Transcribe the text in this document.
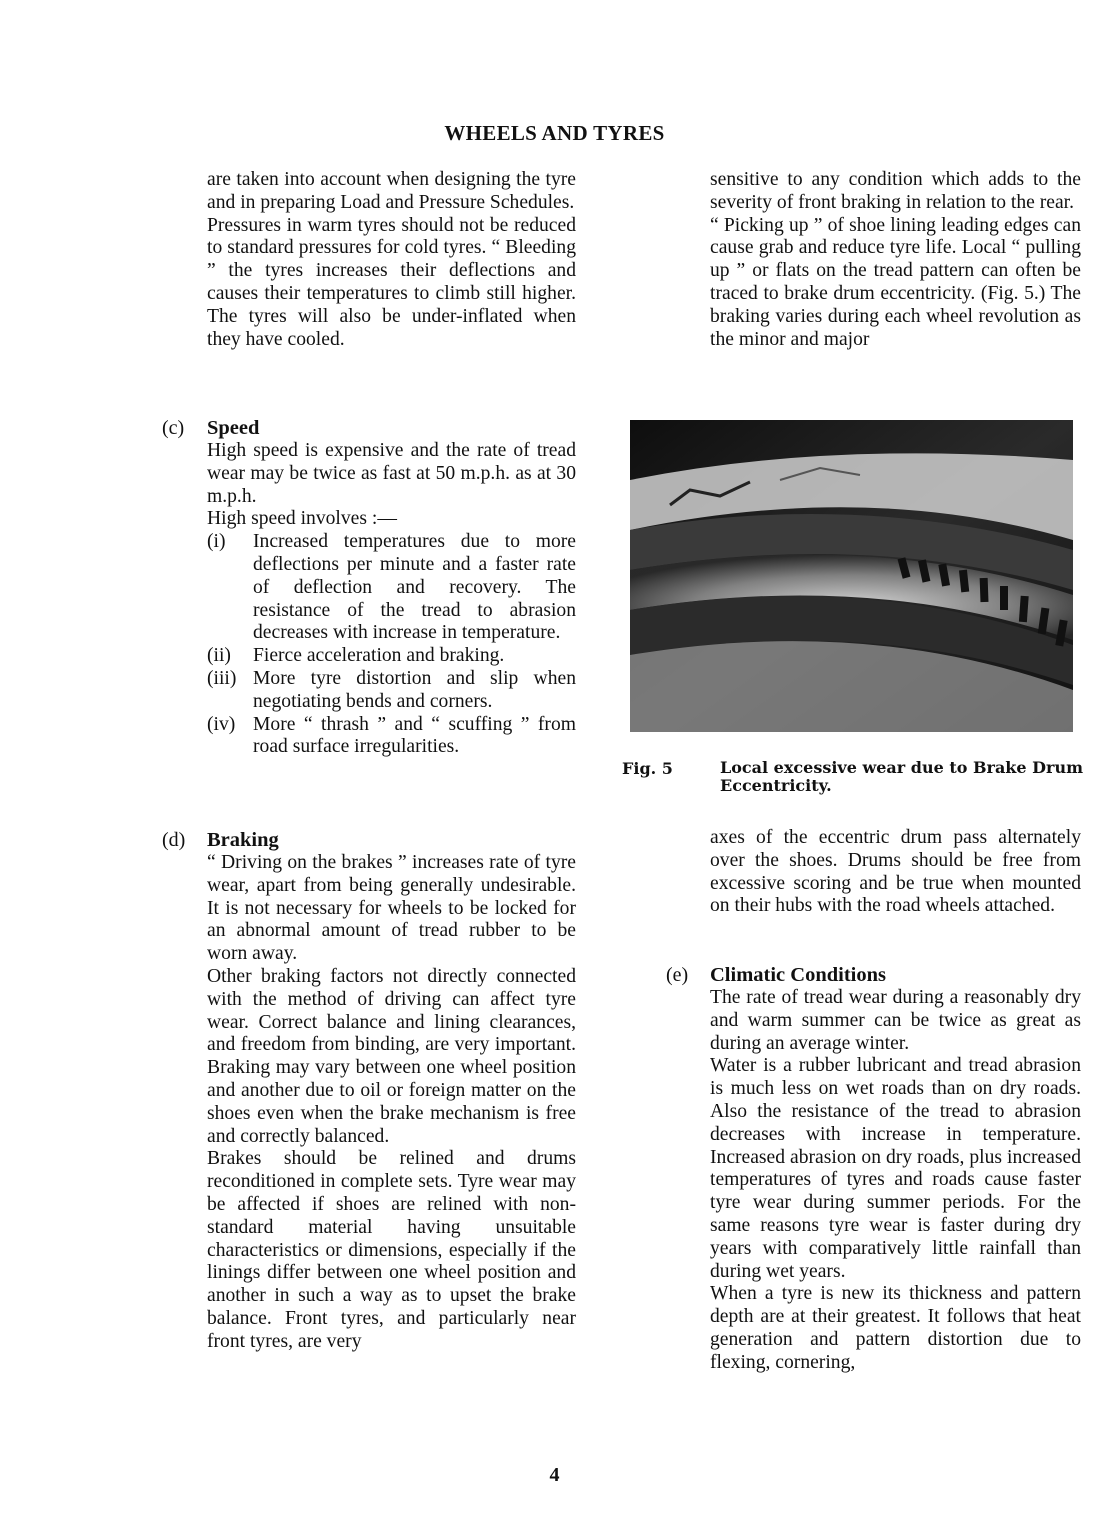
WHEELS AND TYRES

are taken into account when designing the tyre and in preparing Load and Pressure Schedules.

Pressures in warm tyres should not be reduced to standard pressures for cold tyres. “ Bleeding ” the tyres increases their deflections and causes their temperatures to climb still higher. The tyres will also be under-inflated when they have cooled.

(c) Speed

High speed is expensive and the rate of tread wear may be twice as fast at 50 m.p.h. as at 30 m.p.h.

High speed involves :—

(i) Increased temperatures due to more deflections per minute and a faster rate of deflection and recovery. The resistance of the tread to abrasion decreases with increase in temperature.
(ii) Fierce acceleration and braking.
(iii) More tyre distortion and slip when negotiating bends and corners.
(iv) More “ thrash ” and “ scuffing ” from road surface irregularities.
(d) Braking

“ Driving on the brakes ” increases rate of tyre wear, apart from being generally undesirable. It is not necessary for wheels to be locked for an abnormal amount of tread rubber to be worn away.

Other braking factors not directly connected with the method of driving can affect tyre wear. Correct balance and lining clearances, and freedom from binding, are very important. Braking may vary between one wheel position and another due to oil or foreign matter on the shoes even when the brake mechanism is free and correctly balanced.

Brakes should be relined and drums reconditioned in complete sets. Tyre wear may be affected if shoes are relined with non-standard material having unsuitable characteristics or dimensions, especially if the linings differ between one wheel position and another in such a way as to upset the brake balance. Front tyres, and particularly near front tyres, are very

sensitive to any condition which adds to the severity of front braking in relation to the rear.

“ Picking up ” of shoe lining leading edges can cause grab and reduce tyre life. Local “ pulling up ” or flats on the tread pattern can often be traced to brake drum eccentricity. (Fig. 5.) The braking varies during each wheel revolution as the minor and major

Fig. 5	Local excessive wear due to Brake Drum Eccentricity.

axes of the eccentric drum pass alternately over the shoes. Drums should be free from excessive scoring and be true when mounted on their hubs with the road wheels attached.

(e) Climatic Conditions

The rate of tread wear during a reasonably dry and warm summer can be twice as great as during an average winter.

Water is a rubber lubricant and tread abrasion is much less on wet roads than on dry roads. Also the resistance of the tread to abrasion decreases with increase in temperature. Increased abrasion on dry roads, plus increased temperatures of tyres and roads cause faster tyre wear during summer periods. For the same reasons tyre wear is faster during dry years with comparatively little rainfall than during wet years.

When a tyre is new its thickness and pattern depth are at their greatest. It follows that heat generation and pattern distortion due to flexing, cornering,

4
